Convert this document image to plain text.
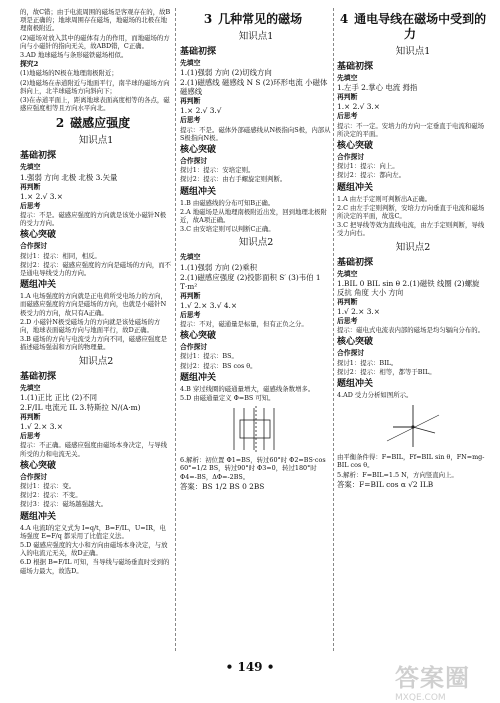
的，故C错；由于电流周围的磁场是客观存在的，故B项是正确的；地球周围存在磁场，地磁场的北极在地理南极附近。

(2)磁场对放入其中的磁体有力的作用，而地磁场的方向与小磁针的指向无关，故ABD错，C正确。

3.AD 地球磁场与条形磁铁磁场相似。

探究2

(1)地磁场的N极在地理南极附近；

(2)地磁场在赤道附近与地面平行，南半球的磁场方向斜向上，北半球磁场方向斜向下；

(3)在赤道平面上，距离地球表面高度相等的各点，磁感应强度相等且方向水平向北。

2 磁感应强度
知识点1

基础初探

先填空

1.强弱 方向 北极 北极 3.矢量

再判断

1.× 2.√ 3.×

后思考

提示：不是。磁感应强度的方向就是该处小磁针N极的受力方向。

核心突破

合作探讨

探讨1：提示：相同，相反。

探讨2：提示：磁感应强度的方向是磁场的方向，而不是通电导线受力的方向。

题组冲关

1.A 电场强度的方向就是正电荷所受电场力的方向，而磁感应强度的方向是磁场的方向，也就是小磁针N极受力的方向，故只有A正确。

2.D 小磁针N极受磁场力的方向就是该处磁场的方向，地球表面磁场方向与地面平行，故D正确。

3.B 磁场的方向与电流受力方向不同，磁感应强度是描述磁场强弱和方向的物理量。

知识点2

基础初探

先填空

1.(1)正比 正比 (2)不同

2.F/IL 电流元 IL 3.特斯拉 N/(A·m)

再判断

1.√ 2.× 3.×

后思考

提示：不正确。磁感应强度由磁场本身决定，与导线所受的力和电流无关。

核心突破

合作探讨

探讨1：提示：变。

探讨2：提示：不变。

探讨3：提示：磁场越强越大。

题组冲关

4.A 电流I的定义式为 I=q/t，B=F/IL，U=IR，电场强度 E=F/q 都采用了比值定义法。

5.D 磁感应强度的大小和方向由磁场本身决定，与放入的电流元无关，故D正确。

6.D 根据 B=F/IL 可知，当导线与磁场垂直时受到的磁场力最大，故选D。

3 几种常见的磁场
知识点1

基础初探

先填空

1.(1)强弱 方向 (2)切线方向

2.(1)磁感线 磁感线 N S (2)环形电流 小磁体 磁感线

再判断

1.× 2.√ 3.√

后思考

提示：不是。磁体外部磁感线从N极指向S极，内部从S极指向N极。

核心突破

合作探讨

探讨1：提示：安培定则。

探讨2：提示：由右手螺旋定则判断。

题组冲关

1.B 由磁感线的分布可知B正确。

2.A 地磁场是从地理南极附近出发，回到地理北极附近，故A项正确。

3.C 由安培定则可以判断C正确。

知识点2

先填空

1.(1)强弱 方向 (2)乘积

2.(1)磁感应强度 (2)投影面积 S′ (3)韦伯 1 T·m²

再判断

1.√ 2.× 3.√ 4.×

后思考

提示：不对，磁通量是标量，但有正负之分。

核心突破

合作探讨

探讨1：提示：BS。

探讨2：提示：BS cos θ。

题组冲关

4.B 穿过线圈的磁通量增大，磁感线条数增多。

5.D 由磁通量定义 Φ=BS 可知。

6.解析：初位置 Φ1=BS，转过60°时 Φ2=BS·cos 60°=1/2 BS，转过90°时 Φ3=0，转过180°时 Φ4=-BS，ΔΦ=-2BS。

答案：BS 1/2 BS 0 2BS

4 通电导线在磁场中受到的力
知识点1

基础初探

先填空

1.左手 2.掌心 电流 拇指

再判断

1.× 2.√ 3.×

后思考

提示：不一定。安培力的方向一定垂直于电流和磁场所决定的平面。

核心突破

合作探讨

探讨1：提示：向上。

探讨2：提示：都向左。

题组冲关

1.A 由左手定则可判断出A正确。

2.C 由左手定则判断，安培力方向垂直于电流和磁场所决定的平面，故选C。

3.C 把导线等效为直线电流，由左手定则判断，导线受力向右。

知识点2

基础初探

先填空

1.BIL 0 BIL sin θ 2.(1)磁铁 线圈 (2)螺旋 反抗 角度 大小 方向

再判断

1.√ 2.× 3.×

后思考

提示：磁电式电流表内部的磁场是均匀辐向分布的。

核心突破

合作探讨

探讨1：提示：BIL。

探讨2：提示：相等，都等于BIL。

题组冲关

4.AD 受力分析如图所示。

由平衡条件得：F=BIL，Ff=BIL sin θ，FN=mg-BIL cos θ。

5.解析：F=BIL=1.5 N，方向竖直向上。

答案：F=BIL cos α √2 ILB

• 149 •	答案圈
MXQE.COM
